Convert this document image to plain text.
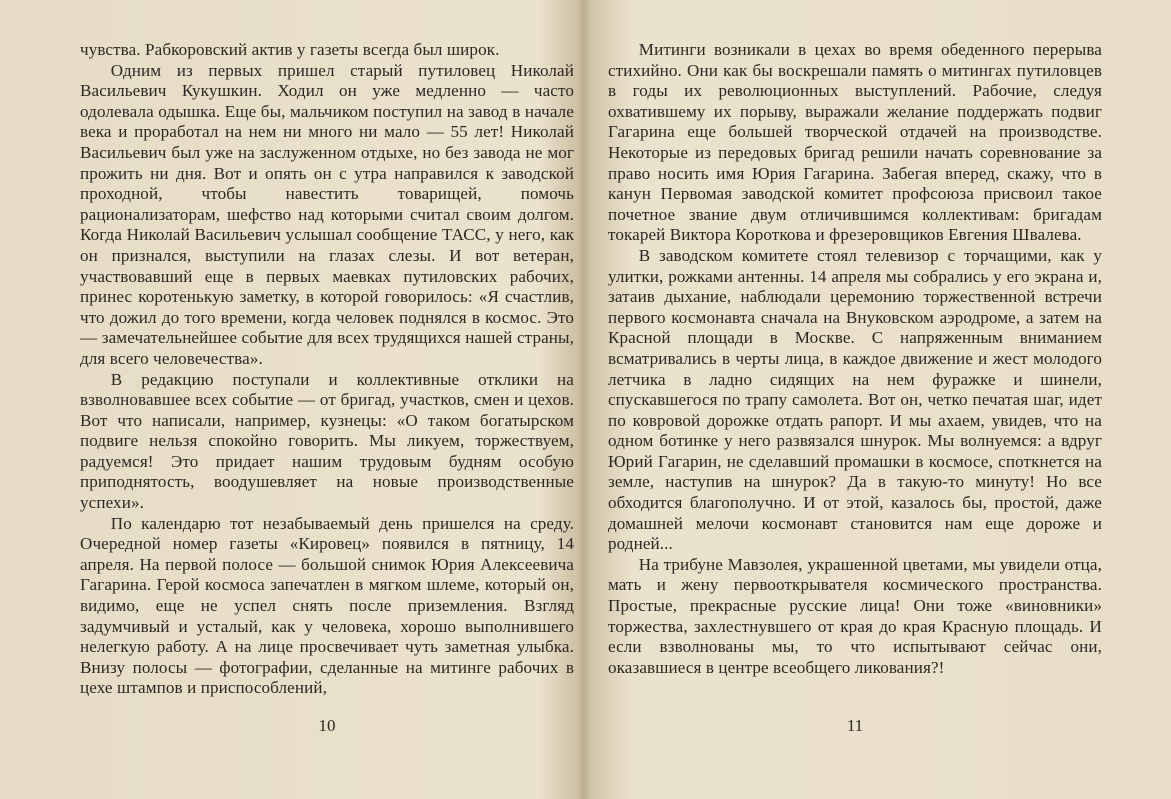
чувства. Рабкоровский актив у газеты всегда был широк.

Одним из первых пришел старый путиловец Николай Васильевич Кукушкин. Ходил он уже медленно — часто одолевала одышка. Еще бы, мальчиком поступил на завод в начале века и проработал на нем ни много ни мало — 55 лет! Николай Васильевич был уже на заслуженном отдыхе, но без завода не мог прожить ни дня. Вот и опять он с утра направился к заводской проходной, чтобы навестить товарищей, помочь рационализаторам, шефство над которыми считал своим долгом. Когда Николай Васильевич услышал сообщение ТАСС, у него, как он признался, выступили на глазах слезы. И вот ветеран, участвовавший еще в первых маевках путиловских рабочих, принес коротенькую заметку, в которой говорилось: «Я счастлив, что дожил до того времени, когда человек поднялся в космос. Это — замечательнейшее событие для всех трудящихся нашей страны, для всего человечества».

В редакцию поступали и коллективные отклики на взволновавшее всех событие — от бригад, участков, смен и цехов. Вот что написали, например, кузнецы: «О таком богатырском подвиге нельзя спокойно говорить. Мы ликуем, торжествуем, радуемся! Это придает нашим трудовым будням особую приподнятость, воодушевляет на новые производственные успехи».

По календарю тот незабываемый день пришелся на среду. Очередной номер газеты «Кировец» появился в пятницу, 14 апреля. На первой полосе — большой снимок Юрия Алексеевича Гагарина. Герой космоса запечатлен в мягком шлеме, который он, видимо, еще не успел снять после приземления. Взгляд задумчивый и усталый, как у человека, хорошо выполнившего нелегкую работу. А на лице просвечивает чуть заметная улыбка. Внизу полосы — фотографии, сделанные на митинге рабочих в цехе штампов и приспособлений,

10

Митинги возникали в цехах во время обеденного перерыва стихийно. Они как бы воскрешали память о митингах путиловцев в годы их революционных выступлений. Рабочие, следуя охватившему их порыву, выражали желание поддержать подвиг Гагарина еще большей творческой отдачей на производстве. Некоторые из передовых бригад решили начать соревнование за право носить имя Юрия Гагарина. Забегая вперед, скажу, что в канун Первомая заводской комитет профсоюза присвоил такое почетное звание двум отличившимся коллективам: бригадам токарей Виктора Короткова и фрезеровщиков Евгения Швалева.

В заводском комитете стоял телевизор с торчащими, как у улитки, рожками антенны. 14 апреля мы собрались у его экрана и, затаив дыхание, наблюдали церемонию торжественной встречи первого космонавта сначала на Внуковском аэродроме, а затем на Красной площади в Москве. С напряженным вниманием всматривались в черты лица, в каждое движение и жест молодого летчика в ладно сидящих на нем фуражке и шинели, спускавшегося по трапу самолета. Вот он, четко печатая шаг, идет по ковровой дорожке отдать рапорт. И мы ахаем, увидев, что на одном ботинке у него развязался шнурок. Мы волнуемся: а вдруг Юрий Гагарин, не сделавший промашки в космосе, споткнется на земле, наступив на шнурок? Да в такую-то минуту! Но все обходится благополучно. И от этой, казалось бы, простой, даже домашней мелочи космонавт становится нам еще дороже и родней...

На трибуне Мавзолея, украшенной цветами, мы увидели отца, мать и жену первооткрывателя космического пространства. Простые, прекрасные русские лица! Они тоже «виновники» торжества, захлестнувшего от края до края Красную площадь. И если взволнованы мы, то что испытывают сейчас они, оказавшиеся в центре всеобщего ликования?!

11
